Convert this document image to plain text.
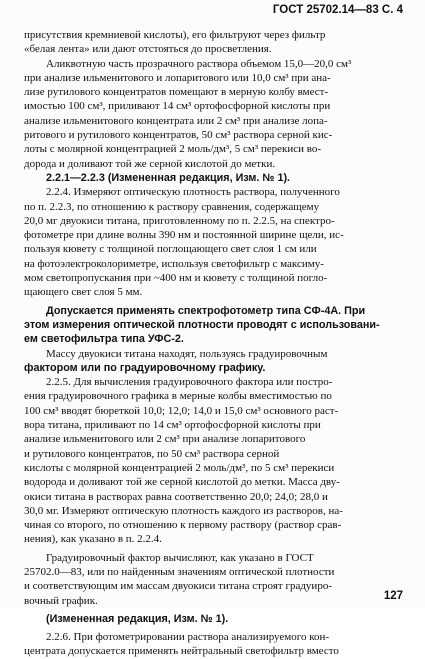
ГОСТ 25702.14—83 С. 4
присутствия кремниевой кислоты), его фильтруют через фильтр
«белая лента» или дают отстояться до просветления.
Аликвотную часть прозрачного раствора объемом 15,0—20,0 см³
при анализе ильменитового и лопаритового или 10,0 см³ при ана-
лизе рутилового концентратов помещают в мерную колбу вмест-
имостью 100 см³, приливают 14 см³ ортофосфорной кислоты при
анализе ильменитового концентрата или 2 см³ при анализе лопа-
ритового и рутилового концентратов, 50 см³ раствора серной кис-
лоты с молярной концентрацией 2 моль/дм³, 5 см³ перекиси во-
дорода и доливают той же серной кислотой до метки.
2.2.1—2.2.3 (Измененная редакция, Изм. № 1).
2.2.4. Измеряют оптическую плотность раствора, полученного
по п. 2.2.3, по отношению к раствору сравнения, содержащему
20,0 мг двуокиси титана, приготовленному по п. 2.2.5, на спектро-
фотометре при длине волны 390 нм и постоянной ширине щели, ис-
пользуя кювету с толщиной поглощающего свет слоя 1 см или
на фотоэлектроколориметре, используя светофильтр с максиму-
мом светопропускания при ~400 нм и кювету с толщиной погло-
щающего свет слоя 5 мм.
Допускается применять спектрофотометр типа СФ-4А. При
этом измерения оптической плотности проводят с использовани-
ем светофильтра типа УФС-2.
Массу двуокиси титана находят, пользуясь градуировочным
фактором или по градуировочному графику.
2.2.5. Для вычисления градуировочного фактора или постро-
ения градуировочного графика в мерные колбы вместимостью по
100 см³ вводят бюреткой 10,0; 12,0; 14,0 и 15,0 см³ основного раст-
вора титана, приливают по 14 см³ ортофосфорной кислоты при
анализе ильменитового или 2 см³ при анализе лопаритового
и рутилового концентратов, по 50 см³ раствора серной
кислоты с молярной концентрацией 2 моль/дм³, по 5 см³ перекиси
водорода и доливают той же серной кислотой до метки. Масса дву-
окиси титана в растворах равна соответственно 20,0; 24,0; 28,0 и
30,0 мг. Измеряют оптическую плотность каждого из растворов, на-
чиная со второго, по отношению к первому раствору (раствор срав-
нения), как указано в п. 2.2.4.
Градуировочный фактор вычисляют, как указано в ГОСТ
25702.0—83, или по найденным значениям оптической плотности
и соответствующим им массам двуокиси титана строят градуиро-
вочный график.
(Измененная редакция, Изм. № 1).
2.2.6. При фотометрировании раствора анализируемого кон-
центрата допускается применять нейтральный светофильтр вместо
127
